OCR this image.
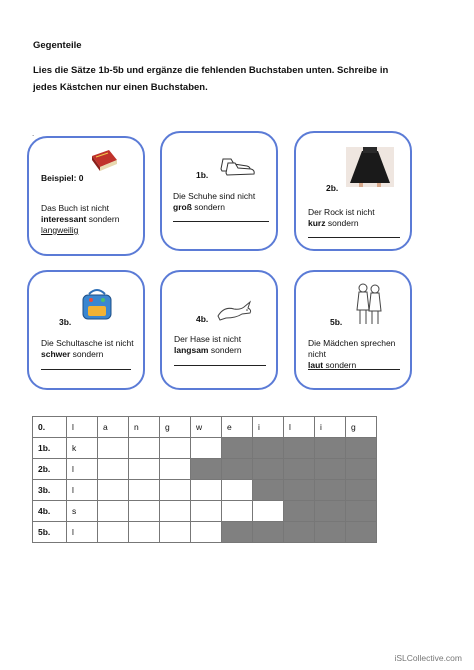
Gegenteile
Lies die Sätze 1b-5b und ergänze die fehlenden Buchstaben unten. Schreibe in
jedes Kästchen nur einen Buchstaben.
.
Beispiel: 0
Das Buch ist nicht
interessant sondern
langweilig
1b.
Die Schuhe sind nicht
groß sondern
2b.
Der Rock ist nicht
kurz sondern
3b.
Die Schultasche ist nicht
schwer sondern
4b.
Der Hase ist nicht
langsam sondern
5b.
Die Mädchen sprechen nicht
laut sondern
0.	l	a	n	g	w	e	i	l	i	g
1b.	k									
2b.	l									
3b.	l									
4b.	s									
5b.	l									
iSLCollective.com
